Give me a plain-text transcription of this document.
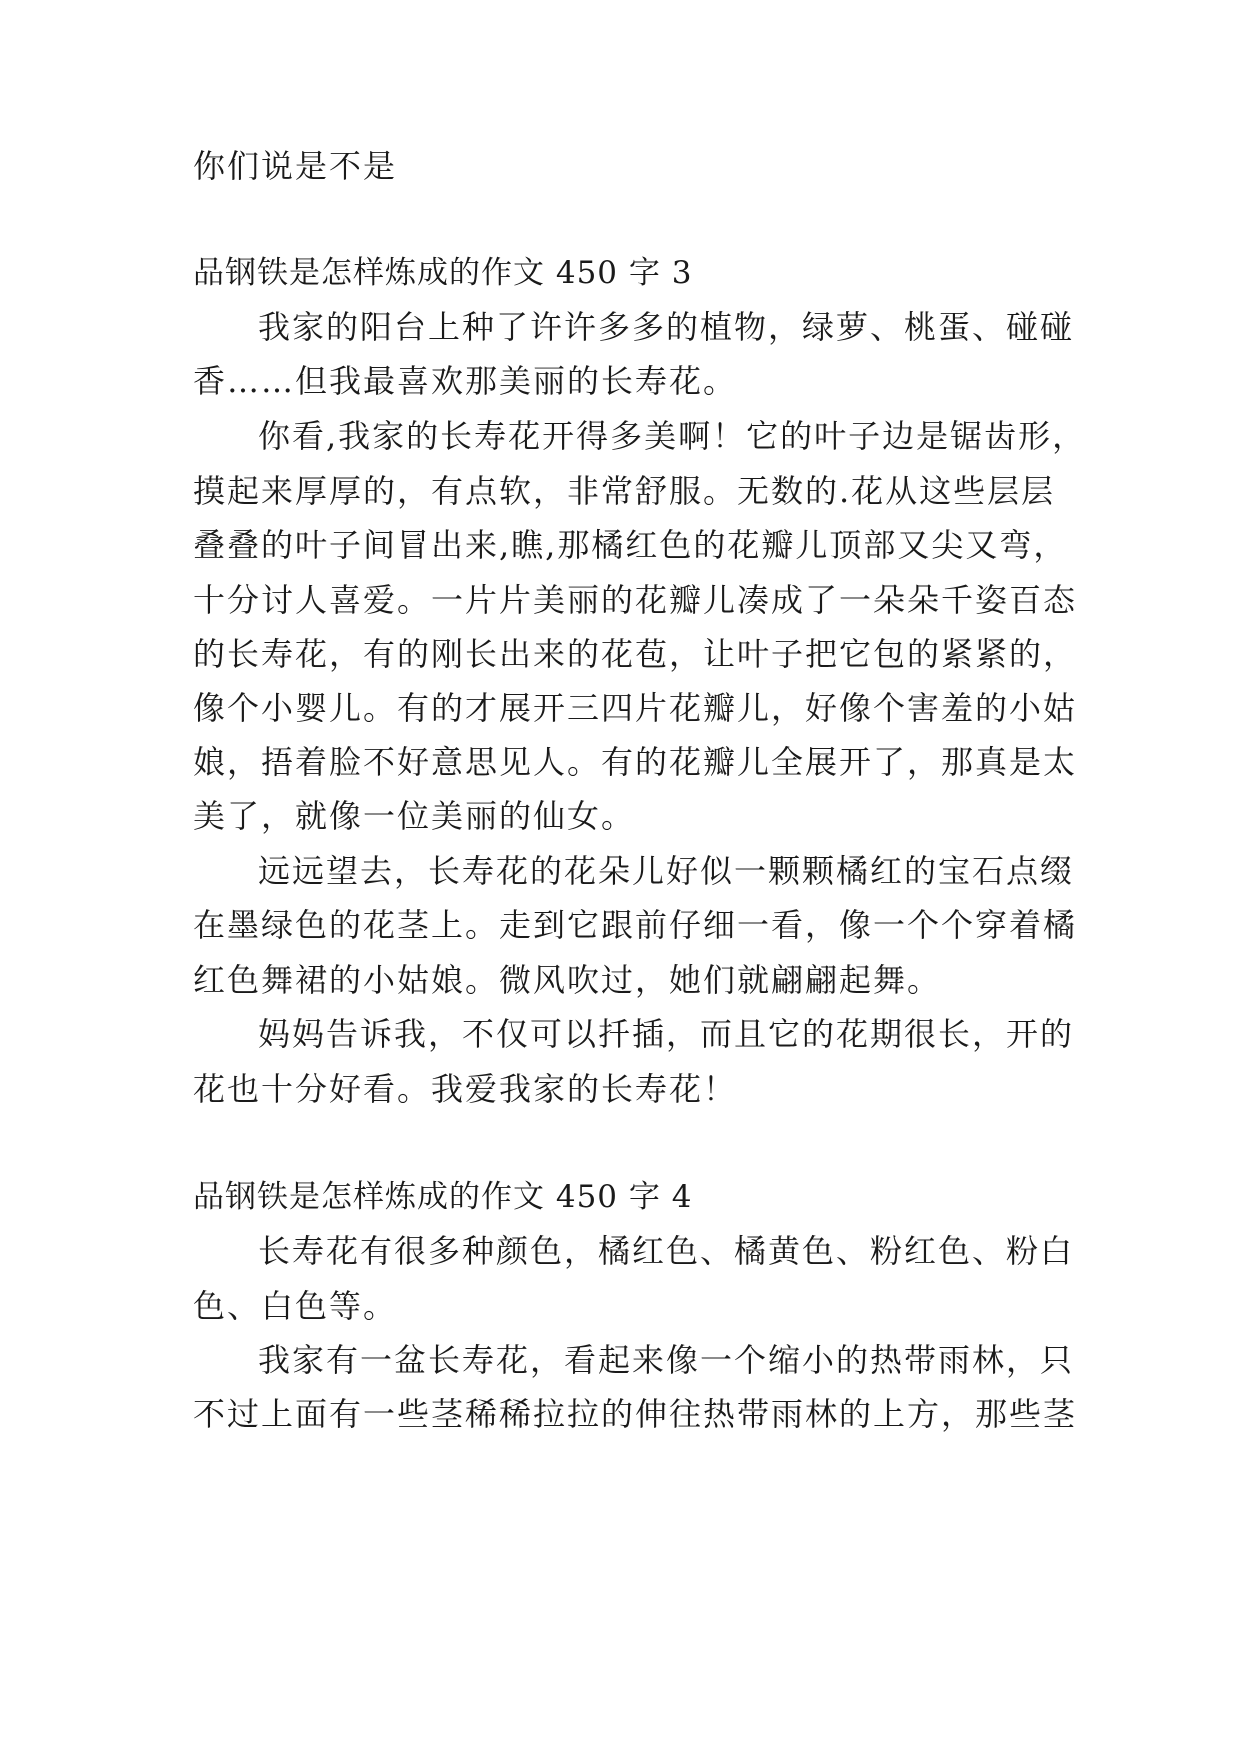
你们说是不是
品钢铁是怎样炼成的作文 450 字 3
我家的阳台上种了许许多多的植物，绿萝、桃蛋、碰碰
香……但我最喜欢那美丽的长寿花。
你看,我家的长寿花开得多美啊！它的叶子边是锯齿形，
摸起来厚厚的，有点软，非常舒服。无数的.花从这些层层
叠叠的叶子间冒出来,瞧,那橘红色的花瓣儿顶部又尖又弯，
十分讨人喜爱。一片片美丽的花瓣儿凑成了一朵朵千姿百态
的长寿花，有的刚长出来的花苞，让叶子把它包的紧紧的，
像个小婴儿。有的才展开三四片花瓣儿，好像个害羞的小姑
娘，捂着脸不好意思见人。有的花瓣儿全展开了，那真是太
美了，就像一位美丽的仙女。
远远望去，长寿花的花朵儿好似一颗颗橘红的宝石点缀
在墨绿色的花茎上。走到它跟前仔细一看，像一个个穿着橘
红色舞裙的小姑娘。微风吹过，她们就翩翩起舞。
妈妈告诉我，不仅可以扦插，而且它的花期很长，开的
花也十分好看。我爱我家的长寿花！
品钢铁是怎样炼成的作文 450 字 4
长寿花有很多种颜色，橘红色、橘黄色、粉红色、粉白
色、白色等。
我家有一盆长寿花，看起来像一个缩小的热带雨林，只
不过上面有一些茎稀稀拉拉的伸往热带雨林的上方，那些茎
